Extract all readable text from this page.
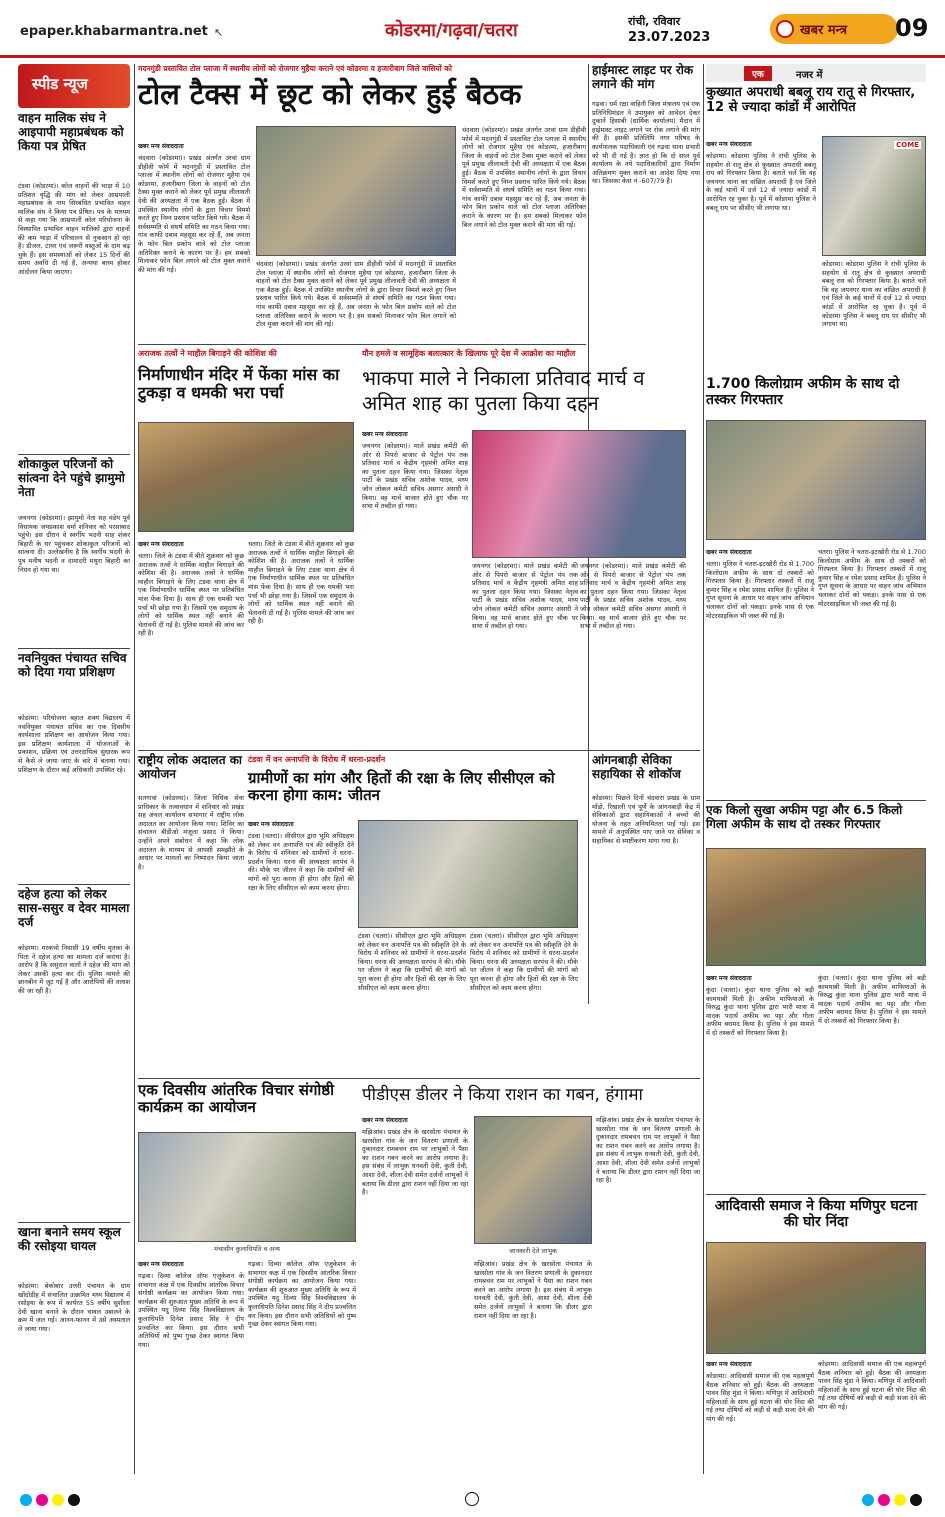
epaper.khabarmantra.net ↖	कोडरमा/गढ़वा/चतरा	रांची, रविवार
23.07.2023	खबर मन्त्र 09
स्पीड न्यूज
वाहन मालिक संघ ने आइपापी महाप्रबंधक को किया पत्र प्रेषित
टंडवा (कोडरमा)। कोल वाहनों की भाड़ा में 10 प्रतिशत वृद्धि की मांग को लेकर आम्रपाली महाप्रबंधक के नाम सिरबंधित प्रभावित वाहन मालिक संघ ने किया पत्र प्रेषित। पत्र के माध्यम से कहा गया कि आम्रपाली कोल परियोजना के विस्थापित प्रभावित वाहन मालिकों द्वारा वाहनों की कम भाड़ा में परिचालन से नुकसान हो रहा है। डीजल, टायर एवं जरूरी वस्तुओं के दाम बढ़ चुके हैं। इस समस्याओं को लेकर 15 दिनों की समय अवधि दी गई है, अन्यथा बाध्य होकर आंदोलन किया जाएगा।
शोकाकुल परिजनों को सांत्वना देने पहुंचे झामुमो नेता
जयनगर (कोडरमा)। झामुमो नेता सह मंडेय पूर्व विधायक जयप्रकाश वर्मा शनिवार को परसाबाद पहुंचे। इस दौरान वे स्वर्गीय भदनी साह शंकर बिहारी के घर पहुंचकर शोकाकुल परिजनों को सांत्वना दी। उल्लेखनीय है कि स्वर्गीय भदनी के पुत्र मनीष भदनी व दामादरी मथुरा बिहारी का निधन हो गया था।
नवनियुक्त पंचायत सचिव को दिया गया प्रशिक्षण
कोडरमा। परियोजना बहाल शक्य विद्यालय में नवनियुक्त पंचायत सचिव का एक दिवसीय कार्यशाला प्रशिक्षण का आयोजन किया गया। इस प्रशिक्षण कार्यशाला में योजनाओं के प्रकाशन, प्रक्रिया एवं उत्तरदायित्व सुधारक रूप से कैसे ले जाया जाए के बारे में बताया गया। प्रशिक्षण के दौरान कई अधिकारी उपस्थित रहे।
दहेज हत्या को लेकर सास-ससुर व देवर मामला दर्ज
कोडरमा। मरकचो निवासी 19 वर्षीय मृतका के पिता ने दहेज हत्या का मामला दर्ज कराया है। आरोप है कि ससुराल वालों ने दहेज की मांग को लेकर उसकी हत्या कर दी। पुलिस मामले की छानबीन में जुट गई है और आरोपियों की तलाश की जा रही है।
खाना बनाने समय स्कूल की रसोइया घायल
कोडरमा। बेकोबार उत्तरी पंचायत के ग्राम खोंदोडीह में संचालित उत्क्रमित मध्य विद्यालय में रसोइया के रूप में कार्यरत 55 वर्षीय सुशीला देवी खाना बनाने के दौरान चावल उबालने के क्रम में जल गई। आनन-फानन में उसे अस्पताल ले जाया गया।
मदनगुंडी प्रस्तावित टोल प्लाजा में स्थानीय लोगों को रोजगार मुहैया कराने एवं कोडरमा व हजारीबाग जिले वासियों को
टोल टैक्स में छूट को लेकर हुई बैठक
खबर मन्त्र संवाददाता
चंदवारा (कोडरमा)। प्रखंड अंतर्गत उरवां ग्राम डीहीवी फोर्म में मदनगुंडी में प्रस्तावित टोल प्लाजा में स्थानीय लोगों को रोजगार मुहैया एवं कोडरमा, हजारीबाग जिला के वाहनों को टोल टैक्स मुक्त कराने को लेकर पूर्व प्रमुख लीलावती देवी की अध्यक्षता में एक बैठक हुई। बैठक में उपस्थित स्थानीय लोगों के द्वारा विचार विमर्श करते हुए निम्न प्रस्ताव पारित किये गये। बैठक में सर्वसम्मति से संघर्ष समिति का गठन किया गया। गांव काफी दबाव महसूस कर रहे हैं, अब जनता के फोन बिल प्रकोप वाले को टोल प्लाजा अतिरिक्त कराने के कारण पर है। हम सबको मिलाकर फोन बिल लगाने को टोल मुक्त कराने की मांग की गई।
चंदवारा (कोडरमा)। प्रखंड अंतर्गत उरवां ग्राम डीहीवी फोर्म में मदनगुंडी में प्रस्तावित टोल प्लाजा में स्थानीय लोगों को रोजगार मुहैया एवं कोडरमा, हजारीबाग जिला के वाहनों को टोल टैक्स मुक्त कराने को लेकर पूर्व प्रमुख लीलावती देवी की अध्यक्षता में एक बैठक हुई। बैठक में उपस्थित स्थानीय लोगों के द्वारा विचार विमर्श करते हुए निम्न प्रस्ताव पारित किये गये। बैठक में सर्वसम्मति से संघर्ष समिति का गठन किया गया। गांव काफी दबाव महसूस कर रहे हैं, अब जनता के फोन बिल प्रकोप वाले को टोल प्लाजा अतिरिक्त कराने के कारण पर है। हम सबको मिलाकर फोन बिल लगाने को टोल मुक्त कराने की मांग की गई।
चंदवारा (कोडरमा)। प्रखंड अंतर्गत उरवां ग्राम डीहीवी फोर्म में मदनगुंडी में प्रस्तावित टोल प्लाजा में स्थानीय लोगों को रोजगार मुहैया एवं कोडरमा, हजारीबाग जिला के वाहनों को टोल टैक्स मुक्त कराने को लेकर पूर्व प्रमुख लीलावती देवी की अध्यक्षता में एक बैठक हुई। बैठक में उपस्थित स्थानीय लोगों के द्वारा विचार विमर्श करते हुए निम्न प्रस्ताव पारित किये गये। बैठक में सर्वसम्मति से संघर्ष समिति का गठन किया गया। गांव काफी दबाव महसूस कर रहे हैं, अब जनता के फोन बिल प्रकोप वाले को टोल प्लाजा अतिरिक्त कराने के कारण पर है। हम सबको मिलाकर फोन बिल लगाने को टोल मुक्त कराने की मांग की गई।
हाईमास्ट लाइट पर रोक लगाने की मांग
गढ़वा। धर्म रक्षा वाहिनी जिला मंत्रालय एवं एक प्रतिनिधिमंडल ने उपायुक्त को आवेदन देकर दुकानें हिसाबी (धार्मिक कार्यालय) मैदान में हाईमास्ट लाइट लगाने पर रोक लगाने की मांग की है। इसकी प्रतिलिपि नगर परिषद के कार्यपालक पदाधिकारी एवं गढ़वा थाना प्रभारी को भी दी गई है। ज्ञात हो कि दो साल पूर्व कार्यालय के नये पदाधिकारियों द्वारा निर्माण अतिक्रमण मुक्त कराने का आदेश दिया गया था। जिसका केस नं -607/79 है।
एक	नजर में
कुख्यात अपराधी बबलू राय रातू से गिरफ्तार, 12 से ज्यादा कांडों में आरोपित
खबर मन्त्र संवाददाता
कोडरमा। कोडरमा पुलिस ने रांची पुलिस के सहयोग से रातू क्षेत्र से कुख्यात अपराधी बबलू राय को गिरफ्तार किया है। बताते चलें कि वह जयनगर थाना का वांछित अपराधी है एवं जिले के कई थानों में दर्ज 12 से ज्यादा कांडों में आरोपित रह चुका है। पूर्व में कोडरमा पुलिस ने बबलू राय पर सीसीए भी लगाया था।
COME
कोडरमा। कोडरमा पुलिस ने रांची पुलिस के सहयोग से रातू क्षेत्र से कुख्यात अपराधी बबलू राय को गिरफ्तार किया है। बताते चलें कि वह जयनगर थाना का वांछित अपराधी है एवं जिले के कई थानों में दर्ज 12 से ज्यादा कांडों में आरोपित रह चुका है। पूर्व में कोडरमा पुलिस ने बबलू राय पर सीसीए भी लगाया था।
अराजक तत्वों ने माहौल बिगाड़ने की कोशिश की
निर्माणाधीन मंदिर में फेंका मांस का टुकड़ा व धमकी भरा पर्चा
खबर मन्त्र संवाददाता
चतरा। जिले के टंडवा में बीते शुक्रवार को कुछ अराजक तत्वों ने धार्मिक माहौल बिगाड़ने की कोशिश की है। अराजक तत्वों ने धार्मिक माहौल बिगाड़ने के लिए टंडवा थाना क्षेत्र में एक निर्माणाधीन धार्मिक स्थल पर प्रतिबंधित मांस फेंक दिया है। साथ ही एक धमकी भरा पर्चा भी छोड़ा गया है। जिसमें एक समुदाय के लोगों को धार्मिक स्थल नहीं बनाने की चेतावनी दी गई है। पुलिस मामले की जांच कर रही है।
चतरा। जिले के टंडवा में बीते शुक्रवार को कुछ अराजक तत्वों ने धार्मिक माहौल बिगाड़ने की कोशिश की है। अराजक तत्वों ने धार्मिक माहौल बिगाड़ने के लिए टंडवा थाना क्षेत्र में एक निर्माणाधीन धार्मिक स्थल पर प्रतिबंधित मांस फेंक दिया है। साथ ही एक धमकी भरा पर्चा भी छोड़ा गया है। जिसमें एक समुदाय के लोगों को धार्मिक स्थल नहीं बनाने की चेतावनी दी गई है। पुलिस मामले की जांच कर रही है।
यौन हमले व सामूहिक बलात्कार के खिलाफ पूरे देश में आक्रोश का माहौल
भाकपा माले ने निकाला प्रतिवाद मार्च व अमित शाह का पुतला किया दहन
खबर मन्त्र संवाददाता
जयनगर (कोडरमा)। माले प्रखंड कमेटी की ओर से पिपरो बाजार से पेट्रोल पंप तक प्रतिवाद मार्च व केंद्रीय गृहमंत्री अमित शाह का पुतला दहन किया गया। जिसका नेतृत्व पार्टी के प्रखंड सचिव अशोक यादव, मध्य जोन लोकल कमेटी सचिव असगर अंसारी ने किया। वह मार्च बाजार होते हुए चौक पर सभा में तब्दील हो गया।
जयनगर (कोडरमा)। माले प्रखंड कमेटी की ओर से पिपरो बाजार से पेट्रोल पंप तक प्रतिवाद मार्च व केंद्रीय गृहमंत्री अमित शाह का पुतला दहन किया गया। जिसका नेतृत्व पार्टी के प्रखंड सचिव अशोक यादव, मध्य जोन लोकल कमेटी सचिव असगर अंसारी ने किया। वह मार्च बाजार होते हुए चौक पर सभा में तब्दील हो गया।
जयनगर (कोडरमा)। माले प्रखंड कमेटी की ओर से पिपरो बाजार से पेट्रोल पंप तक प्रतिवाद मार्च व केंद्रीय गृहमंत्री अमित शाह का पुतला दहन किया गया। जिसका नेतृत्व पार्टी के प्रखंड सचिव अशोक यादव, मध्य जोन लोकल कमेटी सचिव असगर अंसारी ने किया। वह मार्च बाजार होते हुए चौक पर सभा में तब्दील हो गया।
1.700 किलोग्राम अफीम के साथ दो तस्कर गिरफ्तार
खबर मन्त्र संवाददाता
चतरा। पुलिस ने चतरा-इटखोरी रोड से 1.700 किलोग्राम अफीम के साथ दो तस्करों को गिरफ्तार किया है। गिरफ्तार तस्करों में राजू कुमार सिंह व रमेश प्रसाद शामिल हैं। पुलिस ने गुप्त सूचना के आधार पर वाहन जांच अभियान चलाकर दोनों को पकड़ा। इनके पास से एक मोटरसाइकिल भी जब्त की गई है।
चतरा। पुलिस ने चतरा-इटखोरी रोड से 1.700 किलोग्राम अफीम के साथ दो तस्करों को गिरफ्तार किया है। गिरफ्तार तस्करों में राजू कुमार सिंह व रमेश प्रसाद शामिल हैं। पुलिस ने गुप्त सूचना के आधार पर वाहन जांच अभियान चलाकर दोनों को पकड़ा। इनके पास से एक मोटरसाइकिल भी जब्त की गई है।
राष्ट्रीय लोक अदालत का आयोजन
सतगावां (कोडरमा)। जिला विधिक सेवा प्राधिकार के तत्वावधान में शनिवार को प्रखंड सह अंचल कार्यालय सभागार में राष्ट्रीय लोक अदालत का आयोजन किया गया। शिविर का संचालन बीडीओ मंजूला प्रसाद ने किया। उन्होंने अपने संबोधन में कहा कि लोक अदालत के माध्यम से आपसी समझौते के आधार पर मामलों का निष्पादन किया जाता है।
टंडवा में वन अनापत्ति के विरोध में धरना-प्रदर्शन
ग्रामीणों का मांग और हितों की रक्षा के लिए सीसीएल को करना होगा काम: जीतन
खबर मन्त्र संवाददाता
टंडवा (चतरा)। सीसीएल द्वारा भूमि अधिग्रहण को लेकर वन अनापत्ति पत्र की स्वीकृति देने के विरोध में शनिवार को ग्रामीणों ने धरना-प्रदर्शन किया। धरना की अध्यक्षता सरपंच ने की। मौके पर जीतन ने कहा कि ग्रामीणों की मांगों को पूरा करना ही होगा और हितों की रक्षा के लिए सीसीएल को काम करना होगा।
टंडवा (चतरा)। सीसीएल द्वारा भूमि अधिग्रहण को लेकर वन अनापत्ति पत्र की स्वीकृति देने के विरोध में शनिवार को ग्रामीणों ने धरना-प्रदर्शन किया। धरना की अध्यक्षता सरपंच ने की। मौके पर जीतन ने कहा कि ग्रामीणों की मांगों को पूरा करना ही होगा और हितों की रक्षा के लिए सीसीएल को काम करना होगा।
टंडवा (चतरा)। सीसीएल द्वारा भूमि अधिग्रहण को लेकर वन अनापत्ति पत्र की स्वीकृति देने के विरोध में शनिवार को ग्रामीणों ने धरना-प्रदर्शन किया। धरना की अध्यक्षता सरपंच ने की। मौके पर जीतन ने कहा कि ग्रामीणों की मांगों को पूरा करना ही होगा और हितों की रक्षा के लिए सीसीएल को काम करना होगा।
आंगनबाड़ी सेविका सहायिका से शोकॉज
कोडरमा। पिछले दिनों चंदवारा प्रखंड के ग्राम मोंडो, रिखाली एवं पूर्णे के आंगनबाड़ी केंद्र में सेविकाओं द्वारा सहायिकाओं ने बच्चों की योजना के तहत अनियमितता पाई गई। इस मामले में अनुपस्थित पाए जाने पर सेविका व सहायिका से स्पष्टीकरण मांगा गया है।
एक किलो सुखा अफीम पट्टा और 6.5 किलो गिला अफीम के साथ दो तस्कर गिरफ्तार
खबर मन्त्र संवाददाता
कुंदा (चतरा)। कुंदा थाना पुलिस को बड़ी कामयाबी मिली है। अफीम माफियाओं के विरुद्ध कुंदा थाना पुलिस द्वारा भारी मात्रा में मादक पदार्थ अफीम का पट्टा और गीला अफीम बरामद किया है। पुलिस ने इस मामले में दो तस्करों को गिरफ्तार किया है।
कुंदा (चतरा)। कुंदा थाना पुलिस को बड़ी कामयाबी मिली है। अफीम माफियाओं के विरुद्ध कुंदा थाना पुलिस द्वारा भारी मात्रा में मादक पदार्थ अफीम का पट्टा और गीला अफीम बरामद किया है। पुलिस ने इस मामले में दो तस्करों को गिरफ्तार किया है।
एक दिवसीय आंतरिक विचार संगोष्ठी कार्यक्रम का आयोजन
मंचासीन कुलाधिपति व अन्य
खबर मन्त्र संवाददाता
गढ़वा। दिव्या कॉलेज ऑफ एजुकेशन के सभागार कक्ष में एक दिवसीय आंतरिक विचार संगोष्ठी कार्यक्रम का आयोजन किया गया। कार्यक्रम की शुरुआत मुख्य अतिथि के रूप में उपस्थित यदु दिव्या सिंह विश्वविद्यालय के कुलाधिपति दिनेश प्रसाद सिंह ने दीप प्रज्वलित कर किया। इस दौरान सभी अतिथियों को पुष्प गुच्छ देकर स्वागत किया गया।
गढ़वा। दिव्या कॉलेज ऑफ एजुकेशन के सभागार कक्ष में एक दिवसीय आंतरिक विचार संगोष्ठी कार्यक्रम का आयोजन किया गया। कार्यक्रम की शुरुआत मुख्य अतिथि के रूप में उपस्थित यदु दिव्या सिंह विश्वविद्यालय के कुलाधिपति दिनेश प्रसाद सिंह ने दीप प्रज्वलित कर किया। इस दौरान सभी अतिथियों को पुष्प गुच्छ देकर स्वागत किया गया।
पीडीएस डीलर ने किया राशन का गबन, हंगामा
खबर मन्त्र संवाददाता
मझिआंव। प्रखंड क्षेत्र के खरसोता पंचायत के खरसोता गांव के जन वितरण प्रणाली के दुकानदार रामबचन राम पर लाभुकों ने पैसा का राशन गबन करने का आरोप लगाया है। इस संबंध में लाभुक धनवती देवी, कुंती देवी, आशा देवी, शीला देवी समेत दर्जनों लाभुकों ने बताया कि डीलर द्वारा राशन नहीं दिया जा रहा है।
जानकारी देते लाभुक
मझिआंव। प्रखंड क्षेत्र के खरसोता पंचायत के खरसोता गांव के जन वितरण प्रणाली के दुकानदार रामबचन राम पर लाभुकों ने पैसा का राशन गबन करने का आरोप लगाया है। इस संबंध में लाभुक धनवती देवी, कुंती देवी, आशा देवी, शीला देवी समेत दर्जनों लाभुकों ने बताया कि डीलर द्वारा राशन नहीं दिया जा रहा है।
मझिआंव। प्रखंड क्षेत्र के खरसोता पंचायत के खरसोता गांव के जन वितरण प्रणाली के दुकानदार रामबचन राम पर लाभुकों ने पैसा का राशन गबन करने का आरोप लगाया है। इस संबंध में लाभुक धनवती देवी, कुंती देवी, आशा देवी, शीला देवी समेत दर्जनों लाभुकों ने बताया कि डीलर द्वारा राशन नहीं दिया जा रहा है।
आदिवासी समाज ने किया मणिपुर घटना की घोर निंदा
खबर मन्त्र संवाददाता
कोडरमा। आदिवासी समाज की एक महत्वपूर्ण बैठक शनिवार को हुई। बैठक की अध्यक्षता पावन सिंह मुंडा ने किया। मणिपुर में आदिवासी महिलाओं के साथ हुई घटना की घोर निंदा की गई तथा दोषियों को कड़ी से कड़ी सजा देने की मांग की गई।
कोडरमा। आदिवासी समाज की एक महत्वपूर्ण बैठक शनिवार को हुई। बैठक की अध्यक्षता पावन सिंह मुंडा ने किया। मणिपुर में आदिवासी महिलाओं के साथ हुई घटना की घोर निंदा की गई तथा दोषियों को कड़ी से कड़ी सजा देने की मांग की गई।
